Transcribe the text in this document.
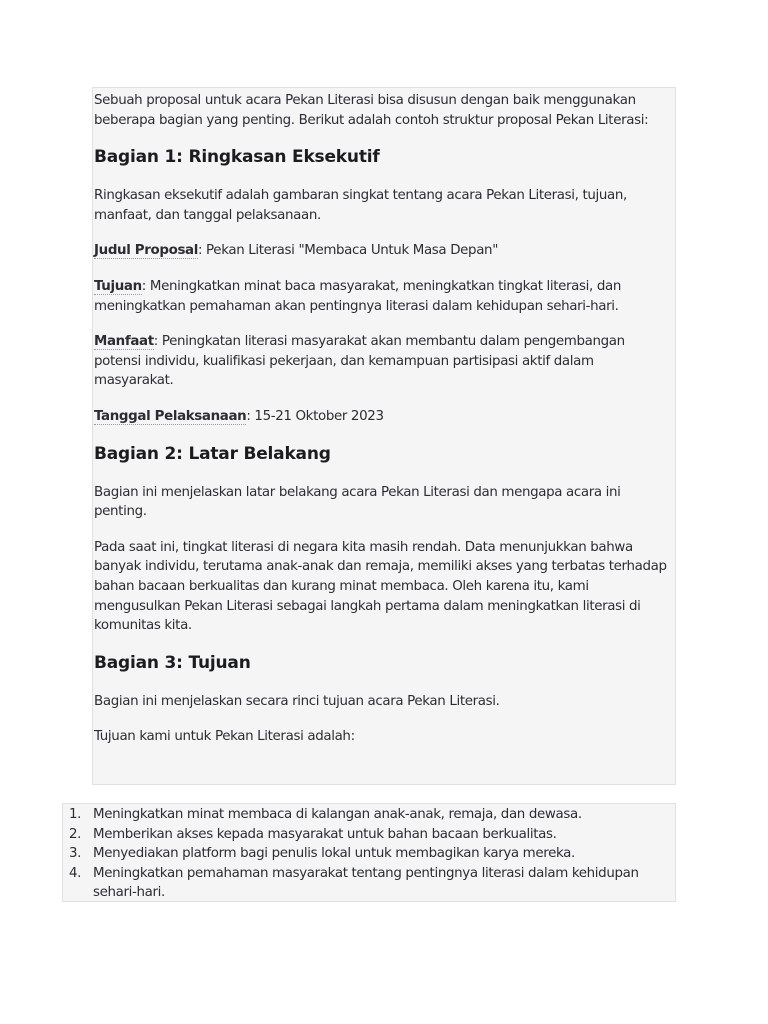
Sebuah proposal untuk acara Pekan Literasi bisa disusun dengan baik menggunakan beberapa bagian yang penting. Berikut adalah contoh struktur proposal Pekan Literasi:

Bagian 1: Ringkasan Eksekutif

Ringkasan eksekutif adalah gambaran singkat tentang acara Pekan Literasi, tujuan, manfaat, dan tanggal pelaksanaan.

Judul Proposal: Pekan Literasi "Membaca Untuk Masa Depan"

Tujuan: Meningkatkan minat baca masyarakat, meningkatkan tingkat literasi, dan meningkatkan pemahaman akan pentingnya literasi dalam kehidupan sehari-hari.

Manfaat: Peningkatan literasi masyarakat akan membantu dalam pengembangan potensi individu, kualifikasi pekerjaan, dan kemampuan partisipasi aktif dalam masyarakat.

Tanggal Pelaksanaan: 15-21 Oktober 2023

Bagian 2: Latar Belakang

Bagian ini menjelaskan latar belakang acara Pekan Literasi dan mengapa acara ini penting.

Pada saat ini, tingkat literasi di negara kita masih rendah. Data menunjukkan bahwa banyak individu, terutama anak-anak dan remaja, memiliki akses yang terbatas terhadap bahan bacaan berkualitas dan kurang minat membaca. Oleh karena itu, kami mengusulkan Pekan Literasi sebagai langkah pertama dalam meningkatkan literasi di komunitas kita.

Bagian 3: Tujuan

Bagian ini menjelaskan secara rinci tujuan acara Pekan Literasi.

Tujuan kami untuk Pekan Literasi adalah:

1. Meningkatkan minat membaca di kalangan anak-anak, remaja, dan dewasa.
2. Memberikan akses kepada masyarakat untuk bahan bacaan berkualitas.
3. Menyediakan platform bagi penulis lokal untuk membagikan karya mereka.
4. Meningkatkan pemahaman masyarakat tentang pentingnya literasi dalam kehidupan sehari-hari.
